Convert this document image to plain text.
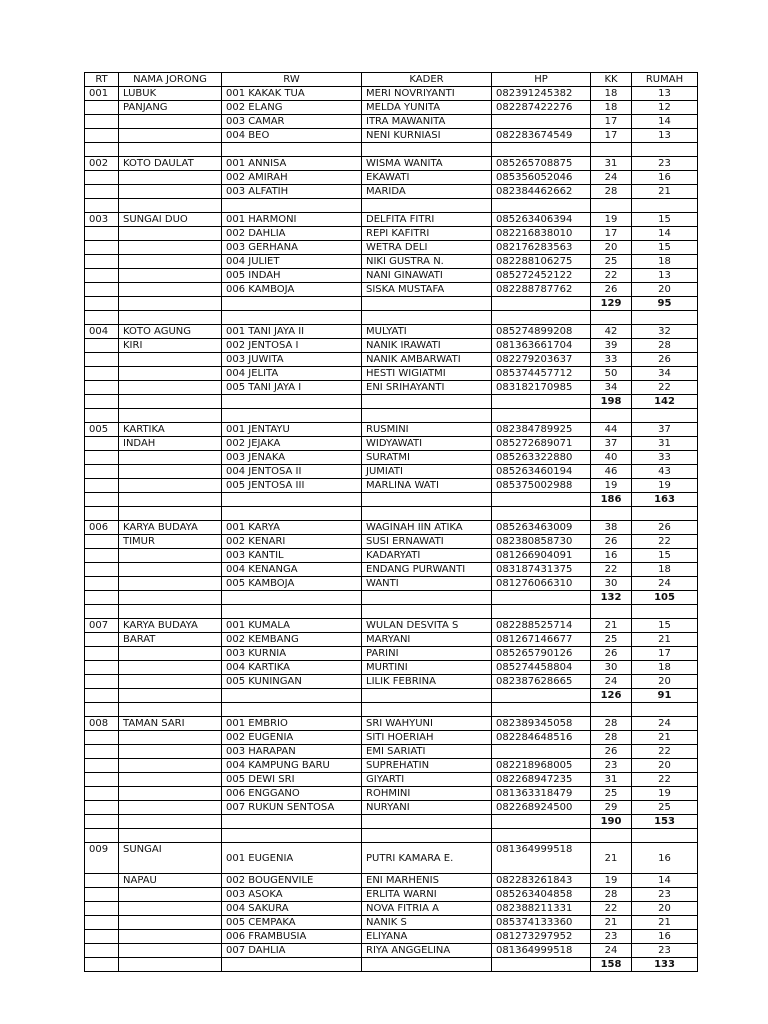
RT	NAMA JORONG	RW	KADER	HP	KK	RUMAH
001	LUBUK	001 KAKAK TUA	MERI NOVRIYANTI	082391245382	18	13
	PANJANG	002 ELANG	MELDA YUNITA	082287422276	18	12
		003 CAMAR	ITRA MAWANITA		17	14
		004 BEO	NENI KURNIASI	082283674549	17	13

002	KOTO DAULAT	001 ANNISA	WISMA WANITA	085265708875	31	23
		002 AMIRAH	EKAWATI	085356052046	24	16
		003 ALFATIH	MARIDA	082384462662	28	21

003	SUNGAI DUO	001 HARMONI	DELFITA FITRI	085263406394	19	15
		002 DAHLIA	REPI KAFITRI	082216838010	17	14
		003 GERHANA	WETRA DELI	082176283563	20	15
		004 JULIET	NIKI GUSTRA N.	082288106275	25	18
		005 INDAH	NANI GINAWATI	085272452122	22	13
		006 KAMBOJA	SISKA MUSTAFA	082288787762	26	20
					129	95

004	KOTO AGUNG	001 TANI JAYA II	MULYATI	085274899208	42	32
	KIRI	002 JENTOSA I	NANIK IRAWATI	081363661704	39	28
		003 JUWITA	NANIK AMBARWATI	082279203637	33	26
		004 JELITA	HESTI WIGIATMI	085374457712	50	34
		005 TANI JAYA I	ENI SRIHAYANTI	083182170985	34	22
					198	142

005	KARTIKA	001 JENTAYU	RUSMINI	082384789925	44	37
	INDAH	002 JEJAKA	WIDYAWATI	085272689071	37	31
		003 JENAKA	SURATMI	085263322880	40	33
		004 JENTOSA II	JUMIATI	085263460194	46	43
		005 JENTOSA III	MARLINA WATI	085375002988	19	19
					186	163

006	KARYA BUDAYA	001 KARYA	WAGINAH IIN ATIKA	085263463009	38	26
	TIMUR	002 KENARI	SUSI ERNAWATI	082380858730	26	22
		003 KANTIL	KADARYATI	081266904091	16	15
		004 KENANGA	ENDANG PURWANTI	083187431375	22	18
		005 KAMBOJA	WANTI	081276066310	30	24
					132	105

007	KARYA BUDAYA	001 KUMALA	WULAN DESVITA S	082288525714	21	15
	BARAT	002 KEMBANG	MARYANI	081267146677	25	21
		003 KURNIA	PARINI	085265790126	26	17
		004 KARTIKA	MURTINI	085274458804	30	18
		005 KUNINGAN	LILIK FEBRINA	082387628665	24	20
					126	91

008	TAMAN SARI	001 EMBRIO	SRI WAHYUNI	082389345058	28	24
		002 EUGENIA	SITI HOERIAH	082284648516	28	21
		003 HARAPAN	EMI SARIATI		26	22
		004 KAMPUNG BARU	SUPREHATIN	082218968005	23	20
		005 DEWI SRI	GIYARTI	082268947235	31	22
		006 ENGGANO	ROHMINI	081363318479	25	19
		007 RUKUN SENTOSA	NURYANI	082268924500	29	25
					190	153

009	SUNGAI	001 EUGENIA	PUTRI KAMARA E.	081364999518	21	16
	NAPAU	002 BOUGENVILE	ENI MARHENIS	082283261843	19	14
		003 ASOKA	ERLITA WARNI	085263404858	28	23
		004 SAKURA	NOVA FITRIA A	082388211331	22	20
		005 CEMPAKA	NANIK S	085374133360	21	21
		006 FRAMBUSIA	ELIYANA	081273297952	23	16
		007 DAHLIA	RIYA ANGGELINA	081364999518	24	23
					158	133
